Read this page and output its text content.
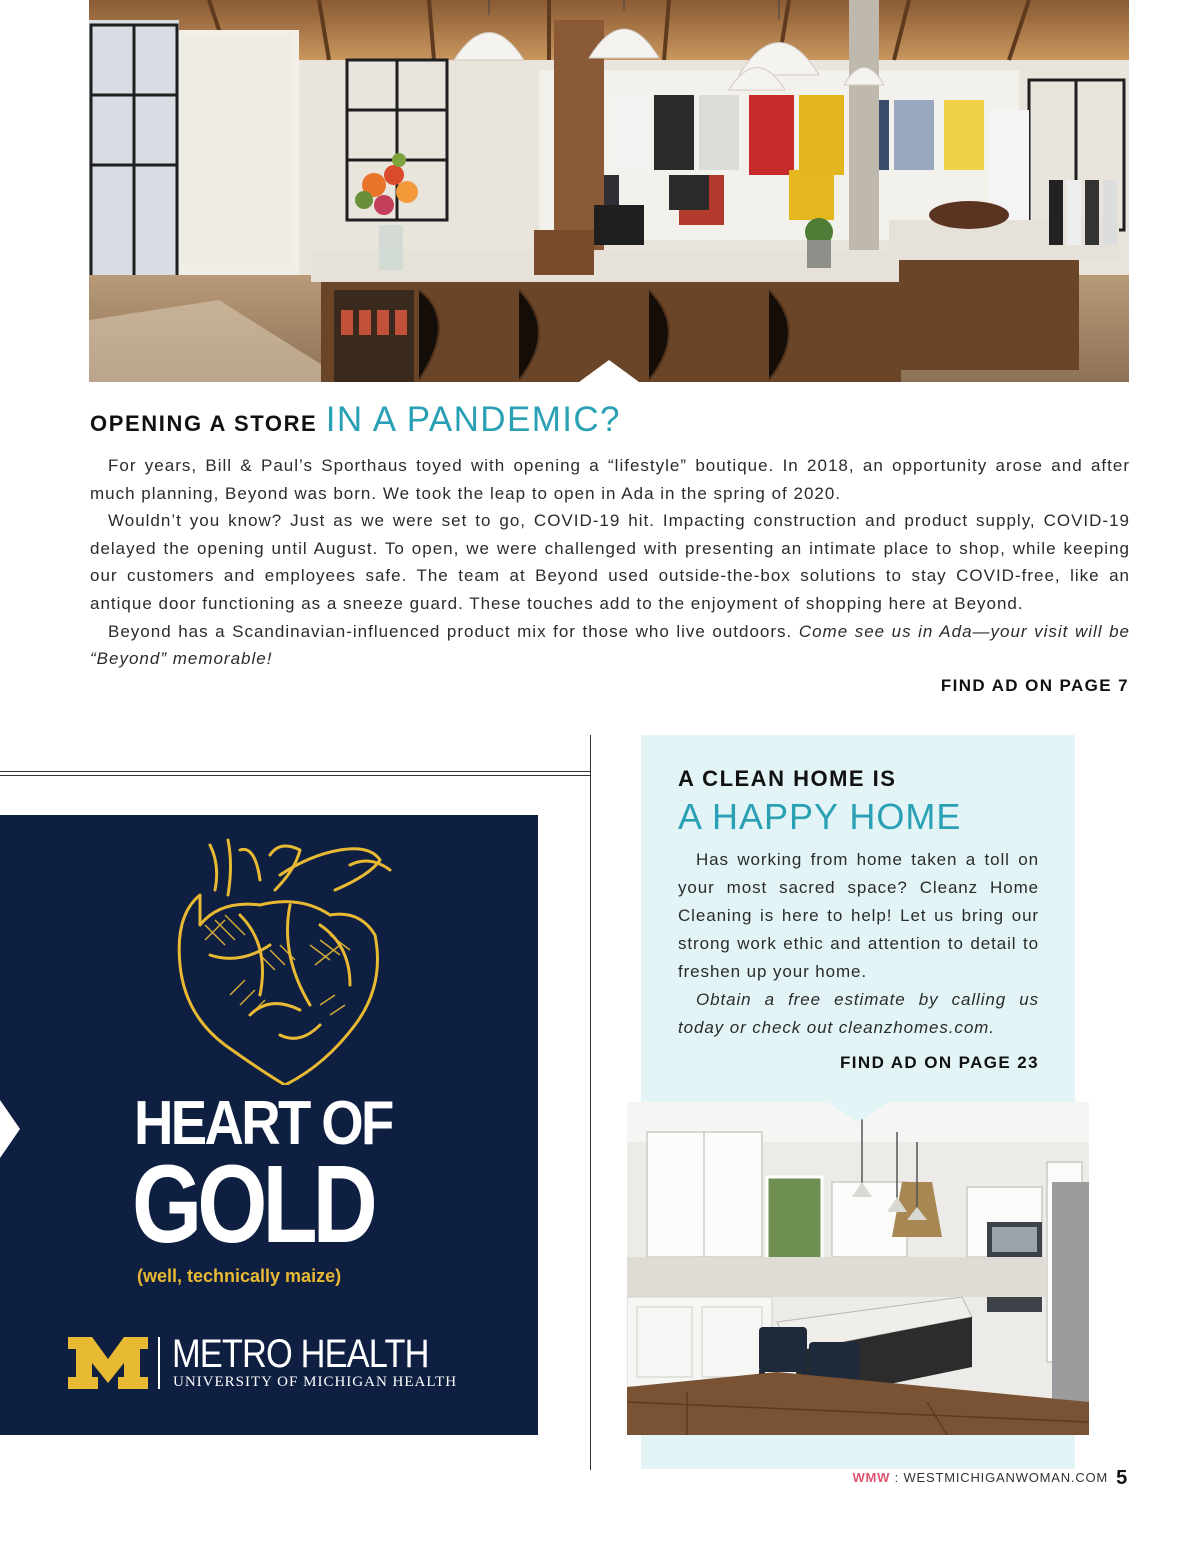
OPENING A STORE IN A PANDEMIC?

For years, Bill & Paul’s Sporthaus toyed with opening a “lifestyle” boutique. In 2018, an opportunity arose and after much planning, Beyond was born. We took the leap to open in Ada in the spring of 2020.

Wouldn’t you know? Just as we were set to go, COVID-19 hit. Impacting construction and product supply, COVID-19 delayed the opening until August. To open, we were challenged with presenting an intimate place to shop, while keeping our customers and employees safe. The team at Beyond used outside-the-box solutions to stay COVID-free, like an antique door functioning as a sneeze guard. These touches add to the enjoyment of shopping here at Beyond.

Beyond has a Scandinavian-influenced product mix for those who live outdoors. Come see us in Ada—your visit will be “Beyond” memorable!

FIND AD ON PAGE 7
HEART OF
GOLD
(well, technically maize)
METRO HEALTH
UNIVERSITY OF MICHIGAN HEALTH
A CLEAN HOME IS
A HAPPY HOME

Has working from home taken a toll on your most sacred space? Cleanz Home Cleaning is here to help! Let us bring our strong work ethic and attention to detail to freshen up your home.

Obtain a free estimate by calling us today or check out cleanzhomes.com.

FIND AD ON PAGE 23
WMW : WESTMICHIGANWOMAN.COM 5
